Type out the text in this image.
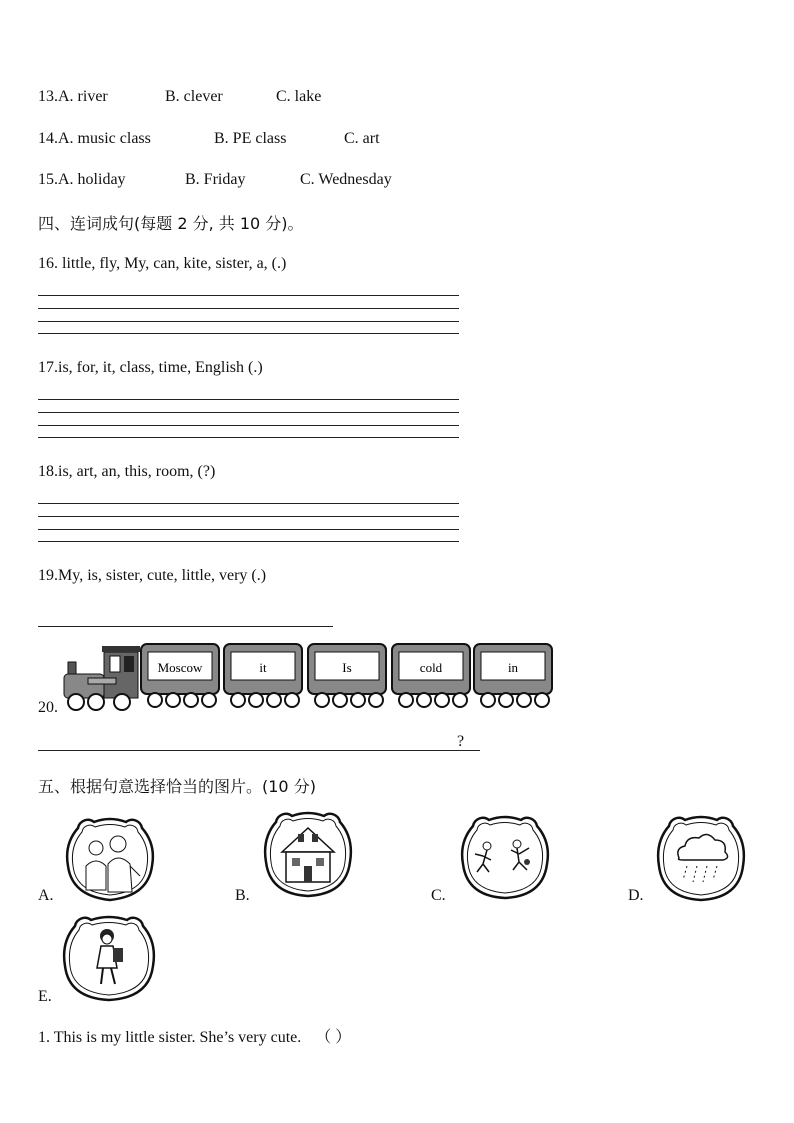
13.A. river	B. clever	C. lake
14.A. music class	B. PE class	C. art
15.A. holiday	B. Friday	C. Wednesday
四、连词成句(每题 2 分, 共 10 分)。
16. little, fly, My, can, kite, sister, a, (.)
17.is, for, it, class, time, English (.)
18.is, art, an, this, room, (?)
19.My, is, sister, cute, little, very (.)
20.
Moscow	it	Is	cold	in
?
五、根据句意选择恰当的图片。(10 分)
A.	B.	C.	D.
E.
1. This is my little sister. She’s very cute. （ ）
